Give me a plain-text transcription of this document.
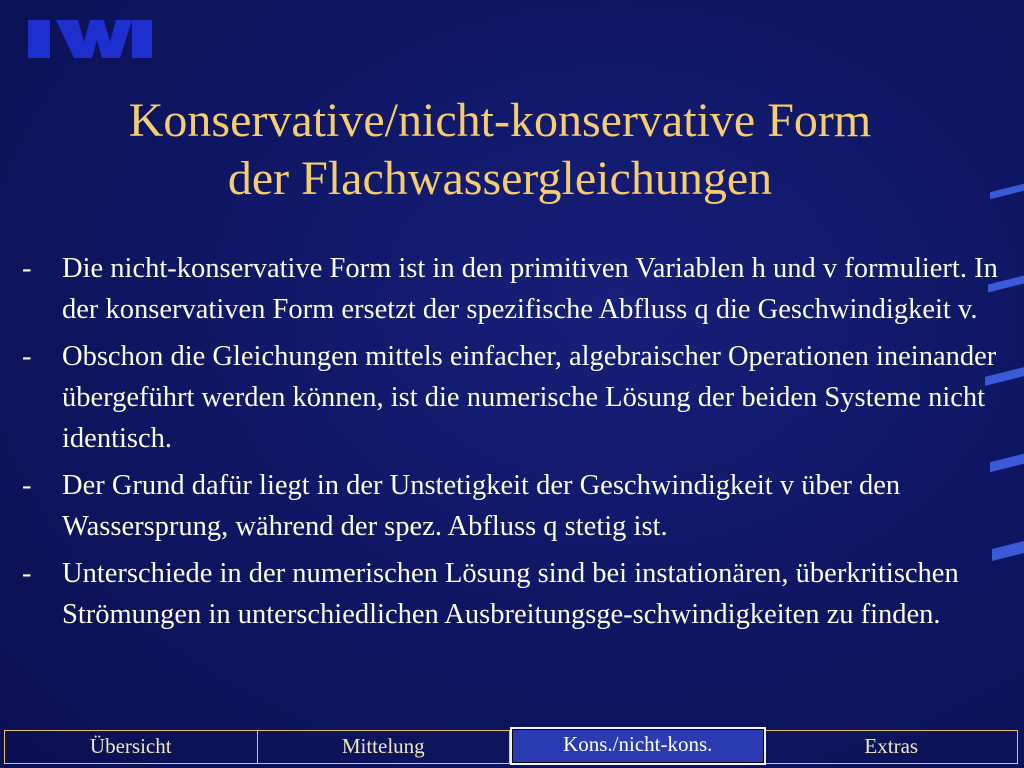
Konservative/nicht-konservative Form
der Flachwassergleichungen
- Die nicht-konservative Form ist in den primitiven Variablen h und v formuliert. In der konservativen Form ersetzt der spezifische Abfluss q die Geschwindigkeit v.
- Obschon die Gleichungen mittels einfacher, algebraischer Operationen ineinander übergeführt werden können, ist die numerische Lösung der beiden Systeme nicht identisch.
- Der Grund dafür liegt in der Unstetigkeit der Geschwindigkeit v über den Wassersprung, während der spez. Abfluss q stetig ist.
- Unterschiede in der numerischen Lösung sind bei instationären, überkritischen Strömungen in unterschiedlichen Ausbreitungsge-schwindigkeiten zu finden.
Übersicht	Mittelung	Kons./nicht-kons.	Extras
